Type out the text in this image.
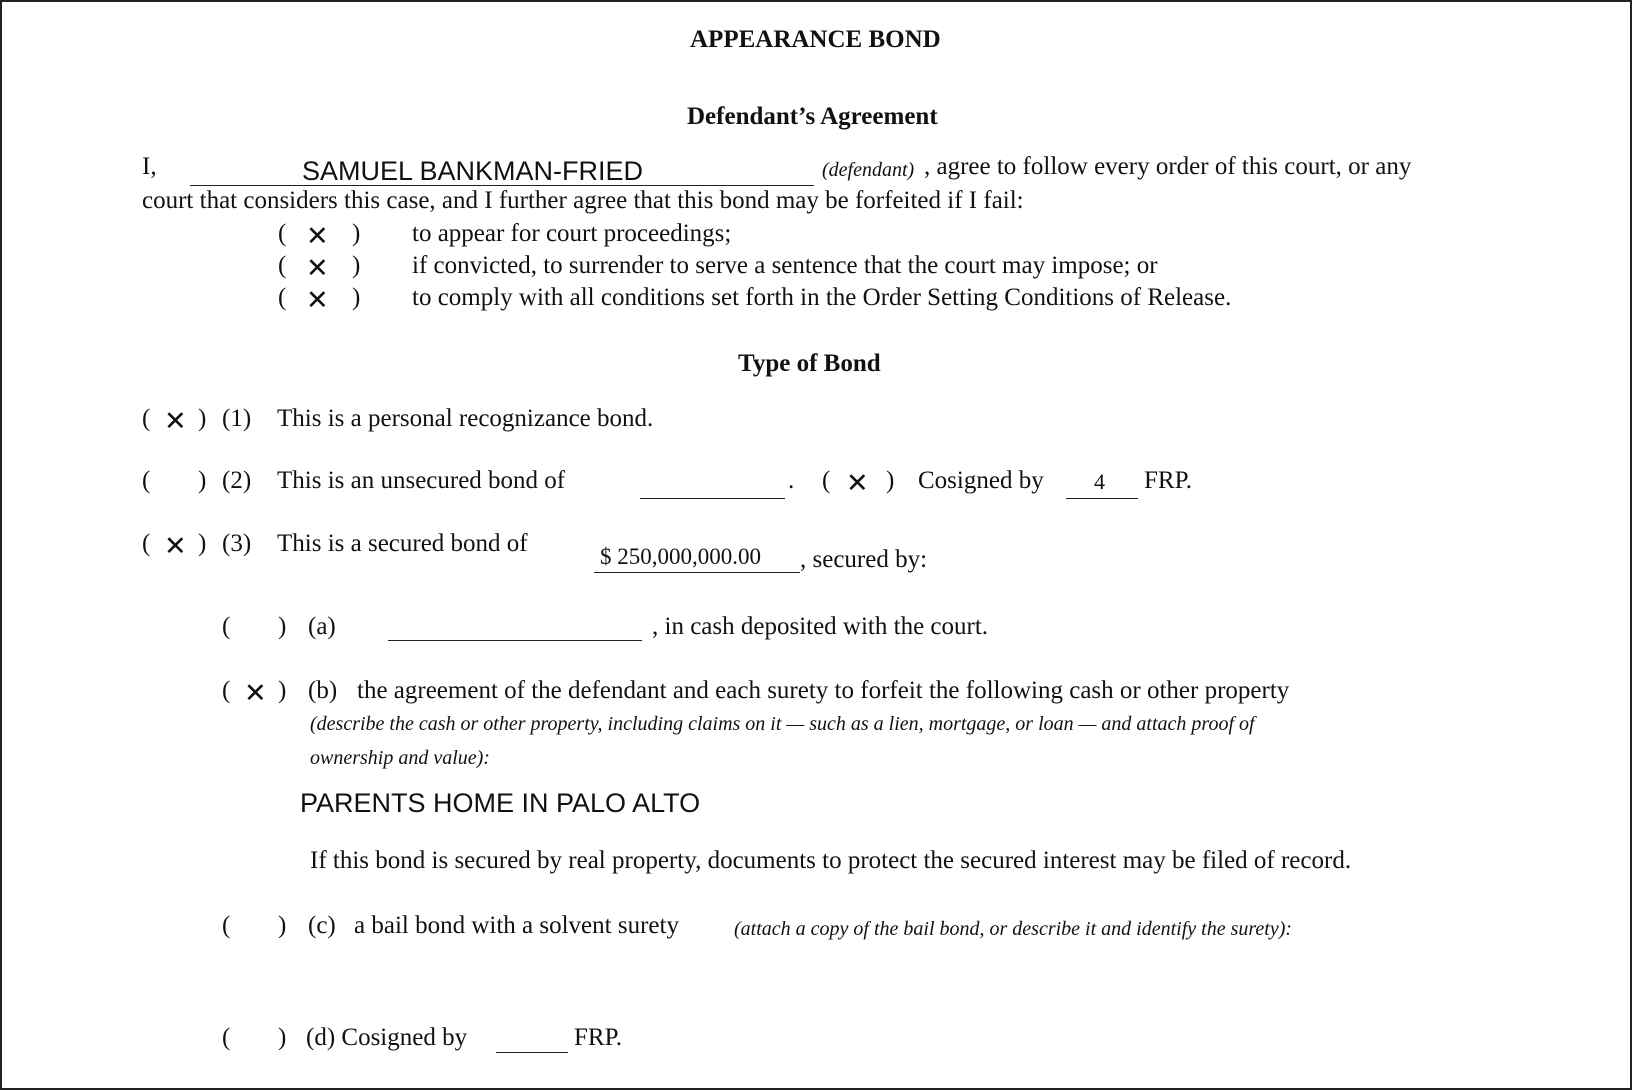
APPEARANCE BOND
Defendant’s Agreement
I,	SAMUEL BANKMAN-FRIED	(defendant) , agree to follow every order of this court, or any
court that considers this case, and I further agree that this bond may be forfeited if I fail:
( ✕ ) to appear for court proceedings;
( ✕ ) if convicted, to surrender to serve a sentence that the court may impose; or
( ✕ ) to comply with all conditions set forth in the Order Setting Conditions of Release.
Type of Bond
( ✕ ) (1) This is a personal recognizance bond.
( ) (2) This is an unsecured bond of	. ( ✕ ) Cosigned by 4 FRP.
( ✕ ) (3) This is a secured bond of	$ 250,000,000.00 , secured by:
( ) (a)	, in cash deposited with the court.
( ✕ ) (b) the agreement of the defendant and each surety to forfeit the following cash or other property
(describe the cash or other property, including claims on it — such as a lien, mortgage, or loan — and attach proof of
ownership and value):
PARENTS HOME IN PALO ALTO
If this bond is secured by real property, documents to protect the secured interest may be filed of record.
( ) (c) a bail bond with a solvent surety	(attach a copy of the bail bond, or describe it and identify the surety):
( ) (d) Cosigned by	FRP.
